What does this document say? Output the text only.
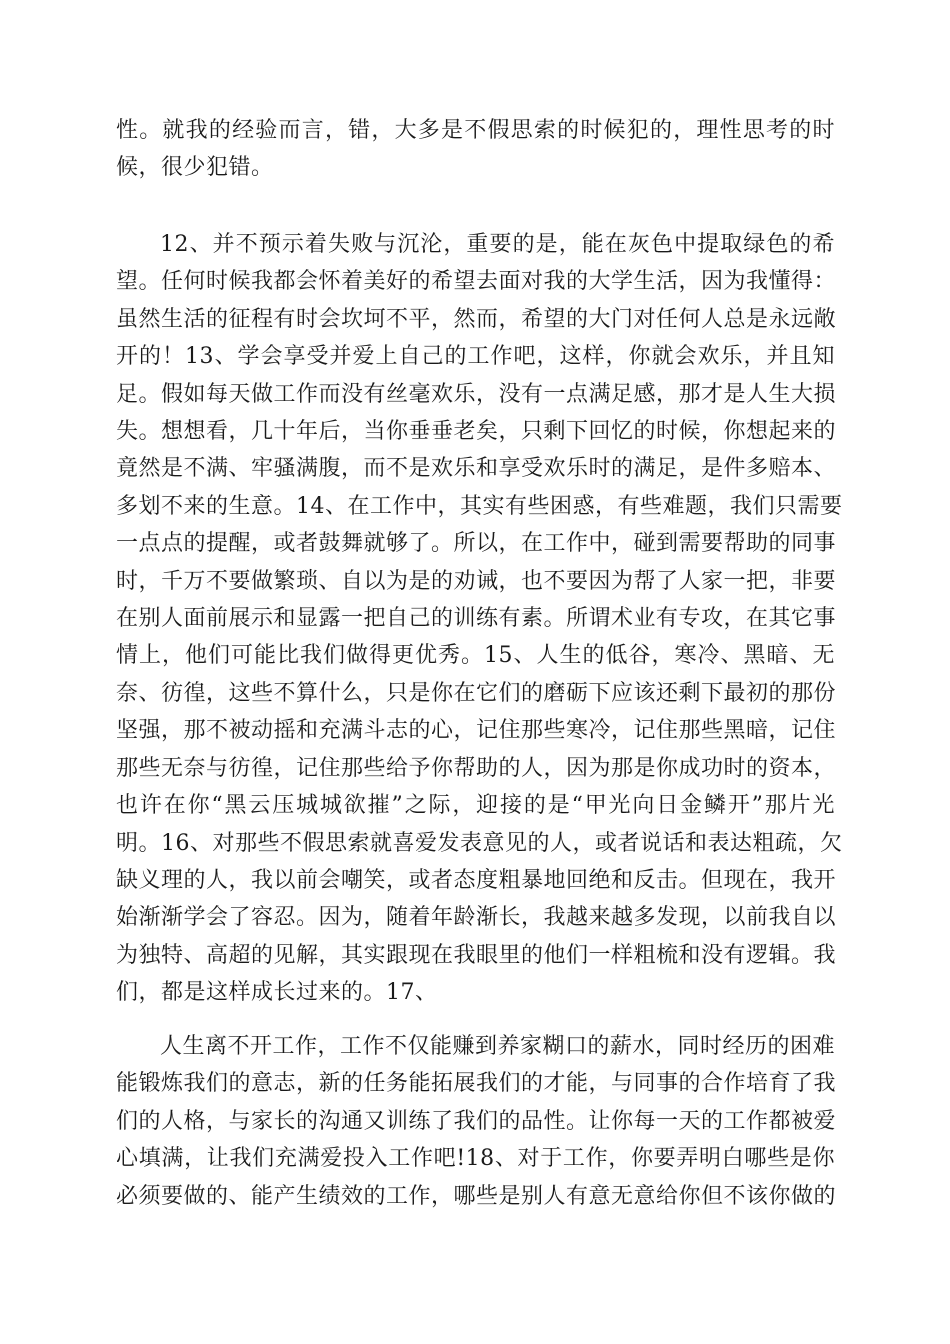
性。就我的经验而言，错，大多是不假思索的时候犯的，理性思考的时
候，很少犯错。
12、并不预示着失败与沉沦，重要的是，能在灰色中提取绿色的希
望。任何时候我都会怀着美好的希望去面对我的大学生活，因为我懂得：
虽然生活的征程有时会坎坷不平，然而，希望的大门对任何人总是永远敞
开的！13、学会享受并爱上自己的工作吧，这样，你就会欢乐，并且知
足。假如每天做工作而没有丝毫欢乐，没有一点满足感，那才是人生大损
失。想想看，几十年后，当你垂垂老矣，只剩下回忆的时候，你想起来的
竟然是不满、牢骚满腹，而不是欢乐和享受欢乐时的满足，是件多赔本、
多划不来的生意。14、在工作中，其实有些困惑，有些难题，我们只需要
一点点的提醒，或者鼓舞就够了。所以，在工作中，碰到需要帮助的同事
时，千万不要做繁琐、自以为是的劝诫，也不要因为帮了人家一把，非要
在别人面前展示和显露一把自己的训练有素。所谓术业有专攻，在其它事
情上，他们可能比我们做得更优秀。15、人生的低谷，寒冷、黑暗、无
奈、彷徨，这些不算什么，只是你在它们的磨砺下应该还剩下最初的那份
坚强，那不被动摇和充满斗志的心，记住那些寒冷，记住那些黑暗，记住
那些无奈与彷徨，记住那些给予你帮助的人，因为那是你成功时的资本，
也许在你“黑云压城城欲摧”之际，迎接的是“甲光向日金鳞开”那片光
明。16、对那些不假思索就喜爱发表意见的人，或者说话和表达粗疏，欠
缺义理的人，我以前会嘲笑，或者态度粗暴地回绝和反击。但现在，我开
始渐渐学会了容忍。因为，随着年龄渐长，我越来越多发现，以前我自以
为独特、高超的见解，其实跟现在我眼里的他们一样粗梳和没有逻辑。我
们，都是这样成长过来的。17、
人生离不开工作，工作不仅能赚到养家糊口的薪水，同时经历的困难
能锻炼我们的意志，新的任务能拓展我们的才能，与同事的合作培育了我
们的人格，与家长的沟通又训练了我们的品性。让你每一天的工作都被爱
心填满，让我们充满爱投入工作吧!18、对于工作，你要弄明白哪些是你
必须要做的、能产生绩效的工作，哪些是别人有意无意给你但不该你做的
